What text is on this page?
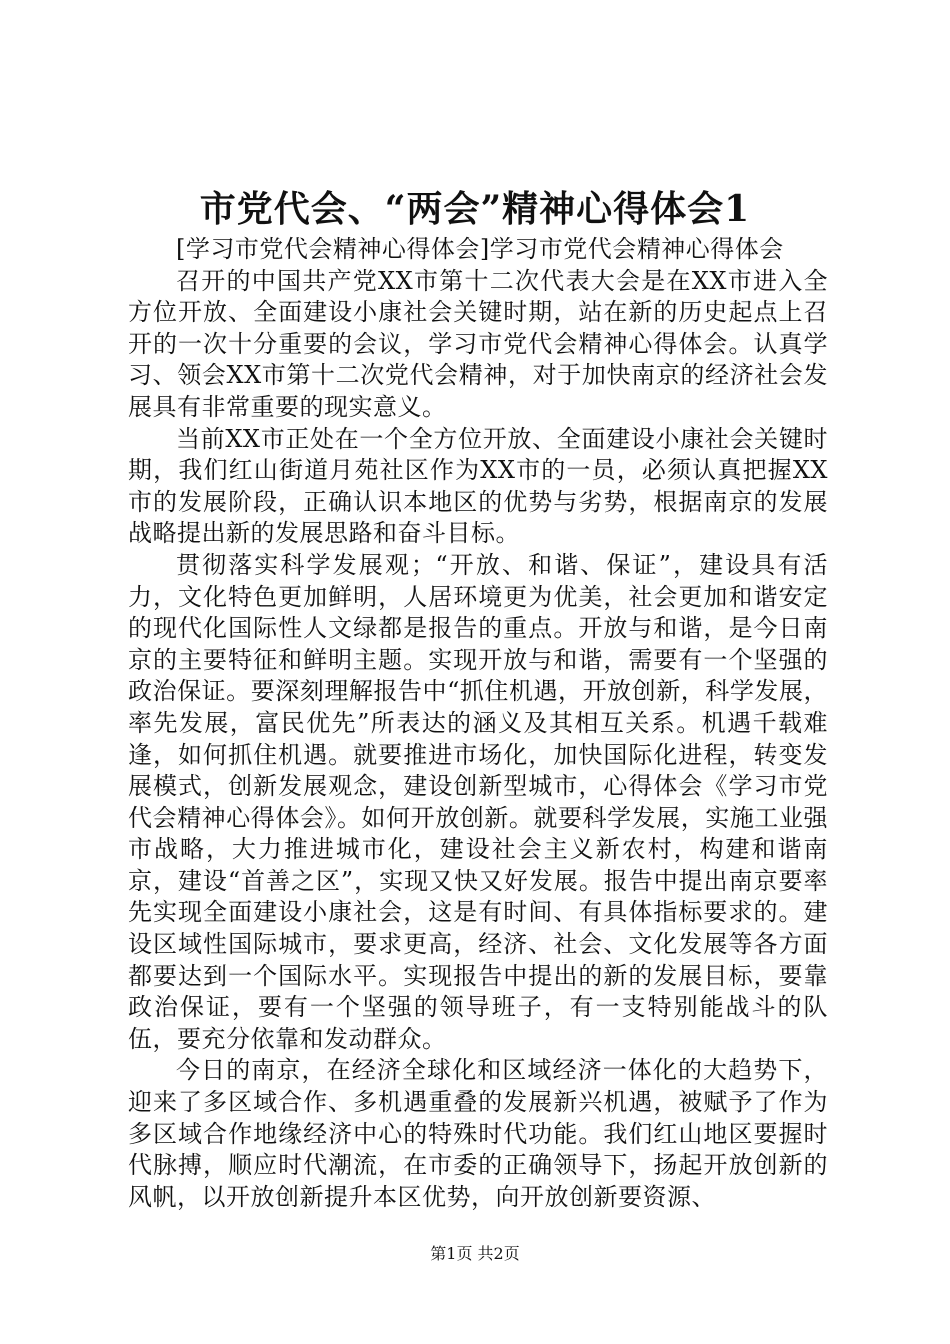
市党代会、“两会”精神心得体会1

[学习市党代会精神心得体会]学习市党代会精神心得体会

召开的中国共产党XX市第十二次代表大会是在XX市进入全方位开放、全面建设小康社会关键时期，站在新的历史起点上召开的一次十分重要的会议，学习市党代会精神心得体会。认真学习、领会XX市第十二次党代会精神，对于加快南京的经济社会发展具有非常重要的现实意义。

当前XX市正处在一个全方位开放、全面建设小康社会关键时期，我们红山街道月苑社区作为XX市的一员，必须认真把握XX市的发展阶段，正确认识本地区的优势与劣势，根据南京的发展战略提出新的发展思路和奋斗目标。

贯彻落实科学发展观；“开放、和谐、保证”，建设具有活力，文化特色更加鲜明，人居环境更为优美，社会更加和谐安定的现代化国际性人文绿都是报告的重点。开放与和谐，是今日南京的主要特征和鲜明主题。实现开放与和谐，需要有一个坚强的政治保证。要深刻理解报告中“抓住机遇，开放创新，科学发展，率先发展，富民优先”所表达的涵义及其相互关系。机遇千载难逢，如何抓住机遇。就要推进市场化，加快国际化进程，转变发展模式，创新发展观念，建设创新型城市，心得体会《学习市党代会精神心得体会》。如何开放创新。就要科学发展，实施工业强市战略，大力推进城市化，建设社会主义新农村，构建和谐南京，建设“首善之区”，实现又快又好发展。报告中提出南京要率先实现全面建设小康社会，这是有时间、有具体指标要求的。建设区域性国际城市，要求更高，经济、社会、文化发展等各方面都要达到一个国际水平。实现报告中提出的新的发展目标，要靠政治保证，要有一个坚强的领导班子，有一支特别能战斗的队伍，要充分依靠和发动群众。

今日的南京，在经济全球化和区域经济一体化的大趋势下，迎来了多区域合作、多机遇重叠的发展新兴机遇，被赋予了作为多区域合作地缘经济中心的特殊时代功能。我们红山地区要握时代脉搏，顺应时代潮流，在市委的正确领导下，扬起开放创新的风帆，以开放创新提升本区优势，向开放创新要资源、

第1页 共2页
